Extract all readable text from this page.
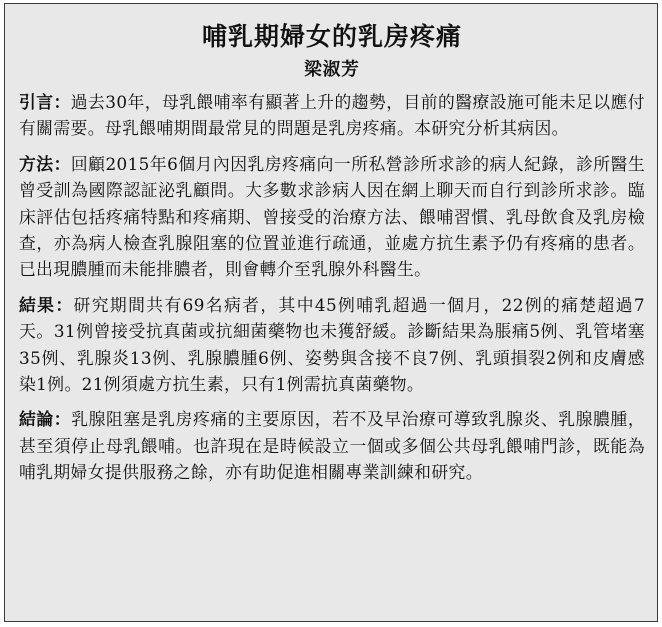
哺乳期婦女的乳房疼痛
梁淑芳

引言：過去30年，母乳餵哺率有顯著上升的趨勢，目前的醫療設施可能未足以應付有關需要。母乳餵哺期間最常見的問題是乳房疼痛。本研究分析其病因。

方法：回顧2015年6個月內因乳房疼痛向一所私營診所求診的病人紀錄，診所醫生曾受訓為國際認証泌乳顧問。大多數求診病人因在網上聊天而自行到診所求診。臨床評估包括疼痛特點和疼痛期、曾接受的治療方法、餵哺習慣、乳母飲食及乳房檢查，亦為病人檢查乳腺阻塞的位置並進行疏通，並處方抗生素予仍有疼痛的患者。已出現膿腫而未能排膿者，則會轉介至乳腺外科醫生。

結果：研究期間共有69名病者，其中45例哺乳超過一個月，22例的痛楚超過7天。31例曾接受抗真菌或抗細菌藥物也未獲舒緩。診斷結果為脹痛5例、乳管堵塞35例、乳腺炎13例、乳腺膿腫6例、姿勢與含接不良7例、乳頭損裂2例和皮膚感染1例。21例須處方抗生素，只有1例需抗真菌藥物。

結論：乳腺阻塞是乳房疼痛的主要原因，若不及早治療可導致乳腺炎、乳腺膿腫，甚至須停止母乳餵哺。也許現在是時候設立一個或多個公共母乳餵哺門診，既能為哺乳期婦女提供服務之餘，亦有助促進相關專業訓練和研究。
